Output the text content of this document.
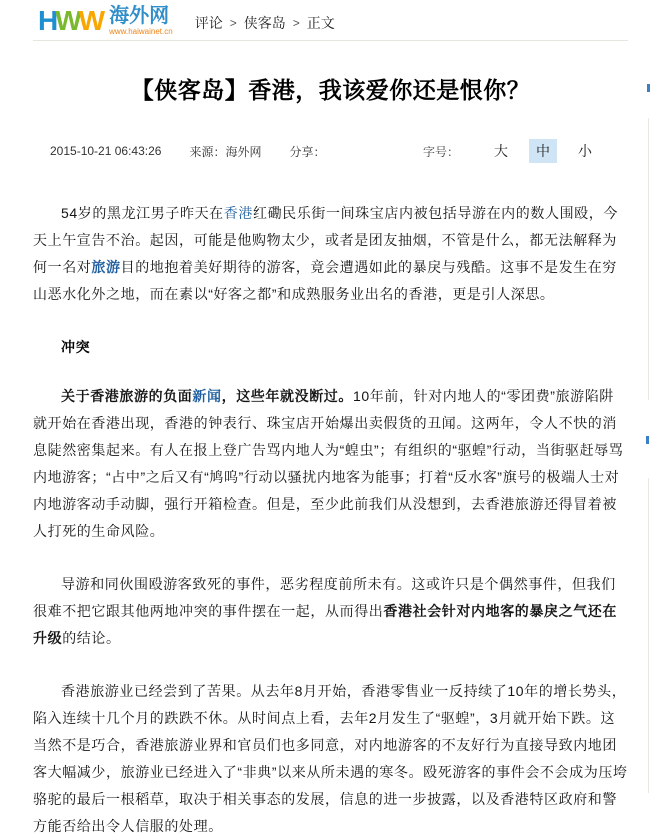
HWW 海外网
www.haiwainet.cn
评论 > 侠客岛 > 正文
【侠客岛】香港，我该爱你还是恨你？
2015-10-21 06:43:26 来源：海外网 分享：	字号：	大	中	小

54岁的黑龙江男子昨天在香港红磡民乐街一间珠宝店内被包括导游在内的数人围殴，今天上午宣告不治。起因，可能是他购物太少，或者是团友抽烟，不管是什么，都无法解释为何一名对旅游目的地抱着美好期待的游客，竟会遭遇如此的暴戾与残酷。这事不是发生在穷山恶水化外之地，而在素以“好客之都”和成熟服务业出名的香港，更是引人深思。

冲突

关于香港旅游的负面新闻，这些年就没断过。10年前，针对内地人的“零团费”旅游陷阱就开始在香港出现，香港的钟表行、珠宝店开始爆出卖假货的丑闻。这两年，令人不快的消息陡然密集起来。有人在报上登广告骂内地人为“蝗虫”；有组织的“驱蝗”行动，当街驱赶辱骂内地游客；“占中”之后又有“鸠呜”行动以骚扰内地客为能事；打着“反水客”旗号的极端人士对内地游客动手动脚，强行开箱检查。但是，至少此前我们从没想到，去香港旅游还得冒着被人打死的生命风险。

导游和同伙围殴游客致死的事件，恶劣程度前所未有。这或许只是个偶然事件，但我们很难不把它跟其他两地冲突的事件摆在一起，从而得出香港社会针对内地客的暴戾之气还在升级的结论。

香港旅游业已经尝到了苦果。从去年8月开始，香港零售业一反持续了10年的增长势头，陷入连续十几个月的跌跌不休。从时间点上看，去年2月发生了“驱蝗”，3月就开始下跌。这当然不是巧合，香港旅游业界和官员们也多同意，对内地游客的不友好行为直接导致内地团客大幅减少，旅游业已经进入了“非典”以来从所未遇的寒冬。殴死游客的事件会不会成为压垮骆驼的最后一根稻草，取决于相关事态的发展，信息的进一步披露，以及香港特区政府和警方能否给出令人信服的处理。
